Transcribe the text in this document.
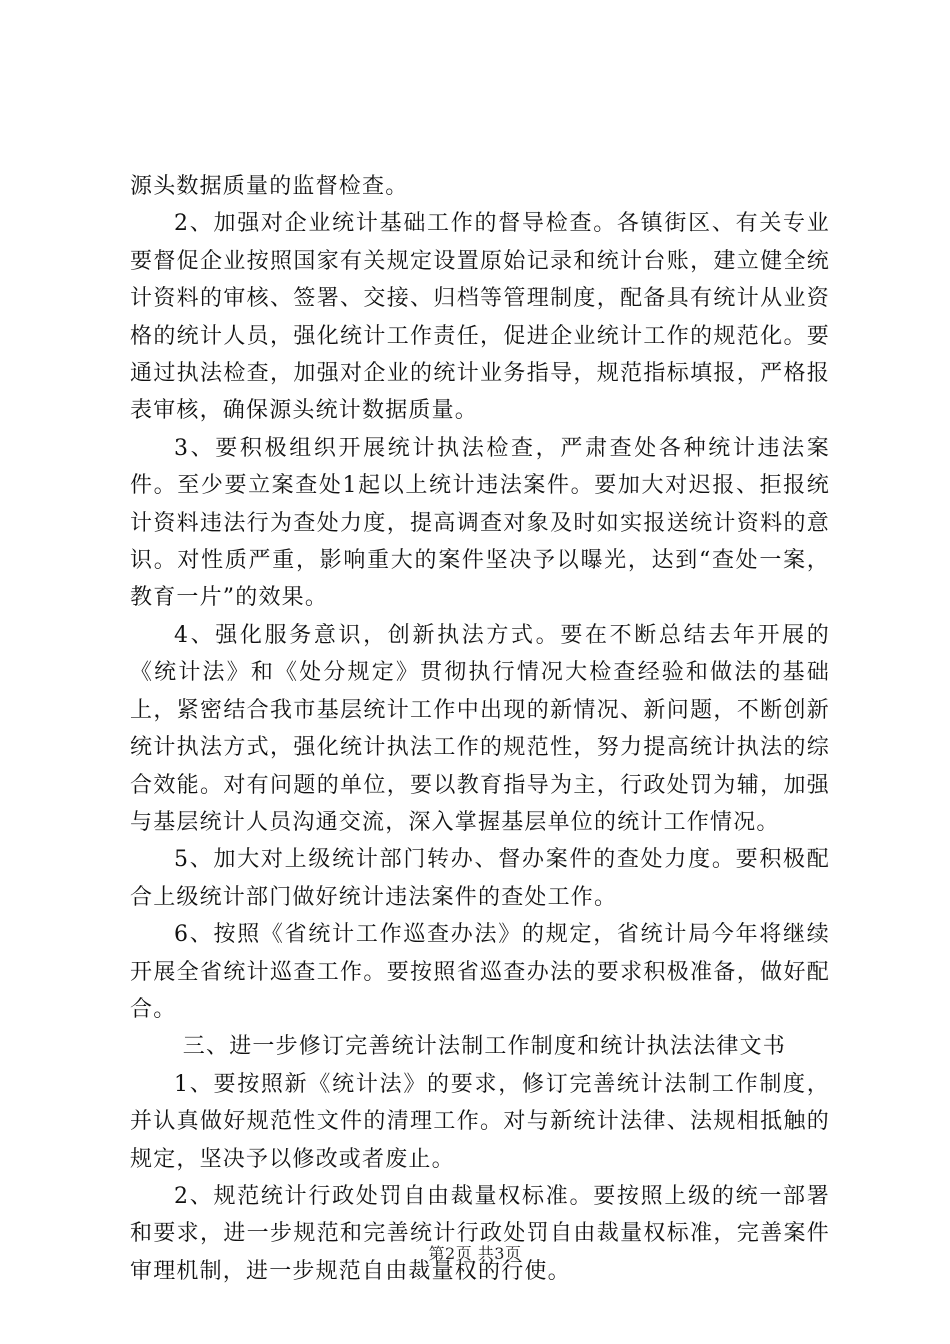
源头数据质量的监督检查。

2、加强对企业统计基础工作的督导检查。各镇街区、有关专业要督促企业按照国家有关规定设置原始记录和统计台账，建立健全统计资料的审核、签署、交接、归档等管理制度，配备具有统计从业资格的统计人员，强化统计工作责任，促进企业统计工作的规范化。要通过执法检查，加强对企业的统计业务指导，规范指标填报，严格报表审核，确保源头统计数据质量。

3、要积极组织开展统计执法检查，严肃查处各种统计违法案件。至少要立案查处1起以上统计违法案件。要加大对迟报、拒报统计资料违法行为查处力度，提高调查对象及时如实报送统计资料的意识。对性质严重，影响重大的案件坚决予以曝光，达到“查处一案，教育一片”的效果。

4、强化服务意识，创新执法方式。要在不断总结去年开展的《统计法》和《处分规定》贯彻执行情况大检查经验和做法的基础上，紧密结合我市基层统计工作中出现的新情况、新问题，不断创新统计执法方式，强化统计执法工作的规范性，努力提高统计执法的综合效能。对有问题的单位，要以教育指导为主，行政处罚为辅，加强与基层统计人员沟通交流，深入掌握基层单位的统计工作情况。

5、加大对上级统计部门转办、督办案件的查处力度。要积极配合上级统计部门做好统计违法案件的查处工作。

6、按照《省统计工作巡查办法》的规定，省统计局今年将继续开展全省统计巡查工作。要按照省巡查办法的要求积极准备，做好配合。

三、进一步修订完善统计法制工作制度和统计执法法律文书

1、要按照新《统计法》的要求，修订完善统计法制工作制度，并认真做好规范性文件的清理工作。对与新统计法律、法规相抵触的规定，坚决予以修改或者废止。

2、规范统计行政处罚自由裁量权标准。要按照上级的统一部署和要求，进一步规范和完善统计行政处罚自由裁量权标准，完善案件审理机制，进一步规范自由裁量权的行使。

第2页 共3页
